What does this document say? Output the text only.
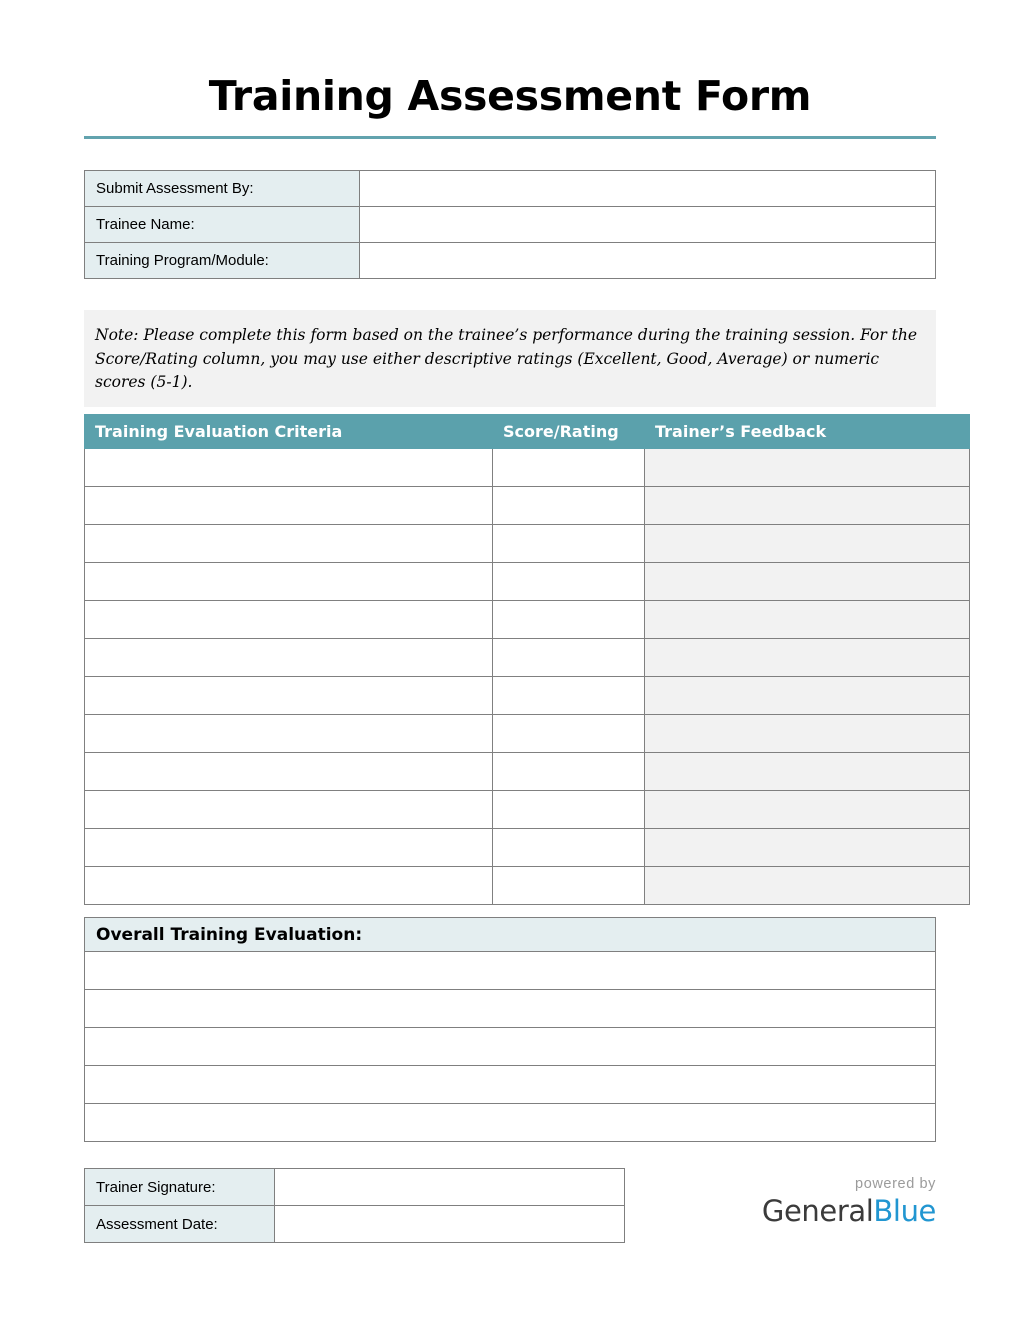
Training Assessment Form
Submit Assessment By:	
Trainee Name:	
Training Program/Module:	
Note: Please complete this form based on the trainee’s performance during the training session. For the Score/Rating column, you may use either descriptive ratings (Excellent, Good, Average) or numeric scores (5-1).
Training Evaluation Criteria	Score/Rating	Trainer’s Feedback

Overall Training Evaluation:

Trainer Signature:	
Assessment Date:	
powered by
GeneralBlue
